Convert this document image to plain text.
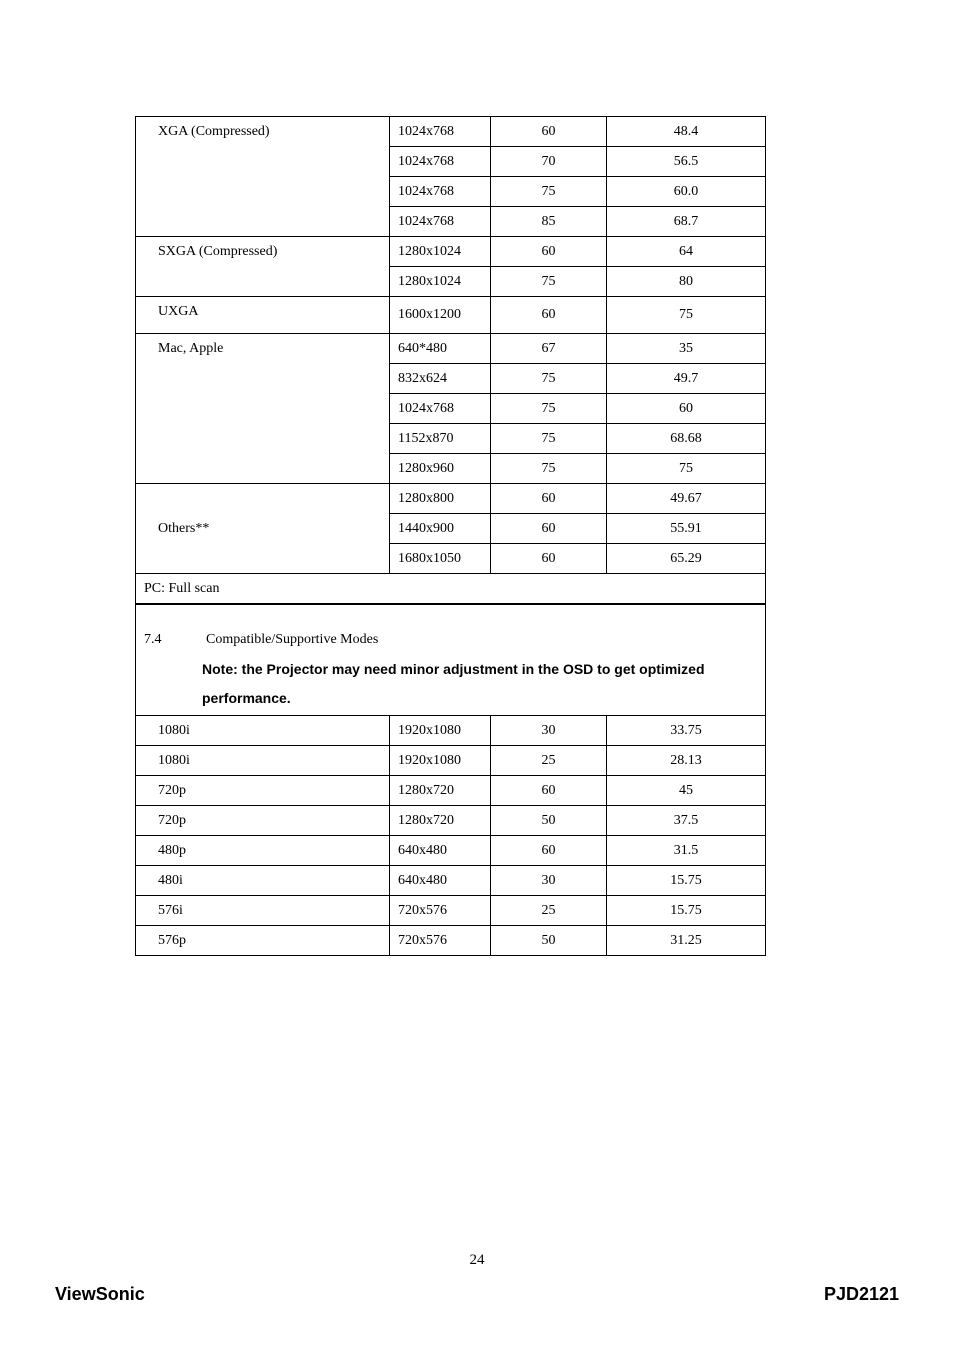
XGA (Compressed)	1024x768	60	48.4
	1024x768	70	56.5
	1024x768	75	60.0
	1024x768	85	68.7
SXGA (Compressed)	1280x1024	60	64
	1280x1024	75	80
UXGA	1600x1200	60	75
Mac, Apple	640*480	67	35
	832x624	75	49.7
	1024x768	75	60
	1152x870	75	68.68
	1280x960	75	75
Others**	1280x800	60	49.67
	1440x900	60	55.91
	1680x1050	60	65.29
PC: Full scan			

7.4 Compatible/Supportive Modes
Note: the Projector may need minor adjustment in the OSD to get optimized performance.			

1080i	1920x1080	30	33.75
1080i	1920x1080	25	28.13
720p	1280x720	60	45
720p	1280x720	50	37.5
480p	640x480	60	31.5
480i	640x480	30	15.75
576i	720x576	25	15.75
576p	720x576	50	31.25
24
ViewSonic	PJD2121
